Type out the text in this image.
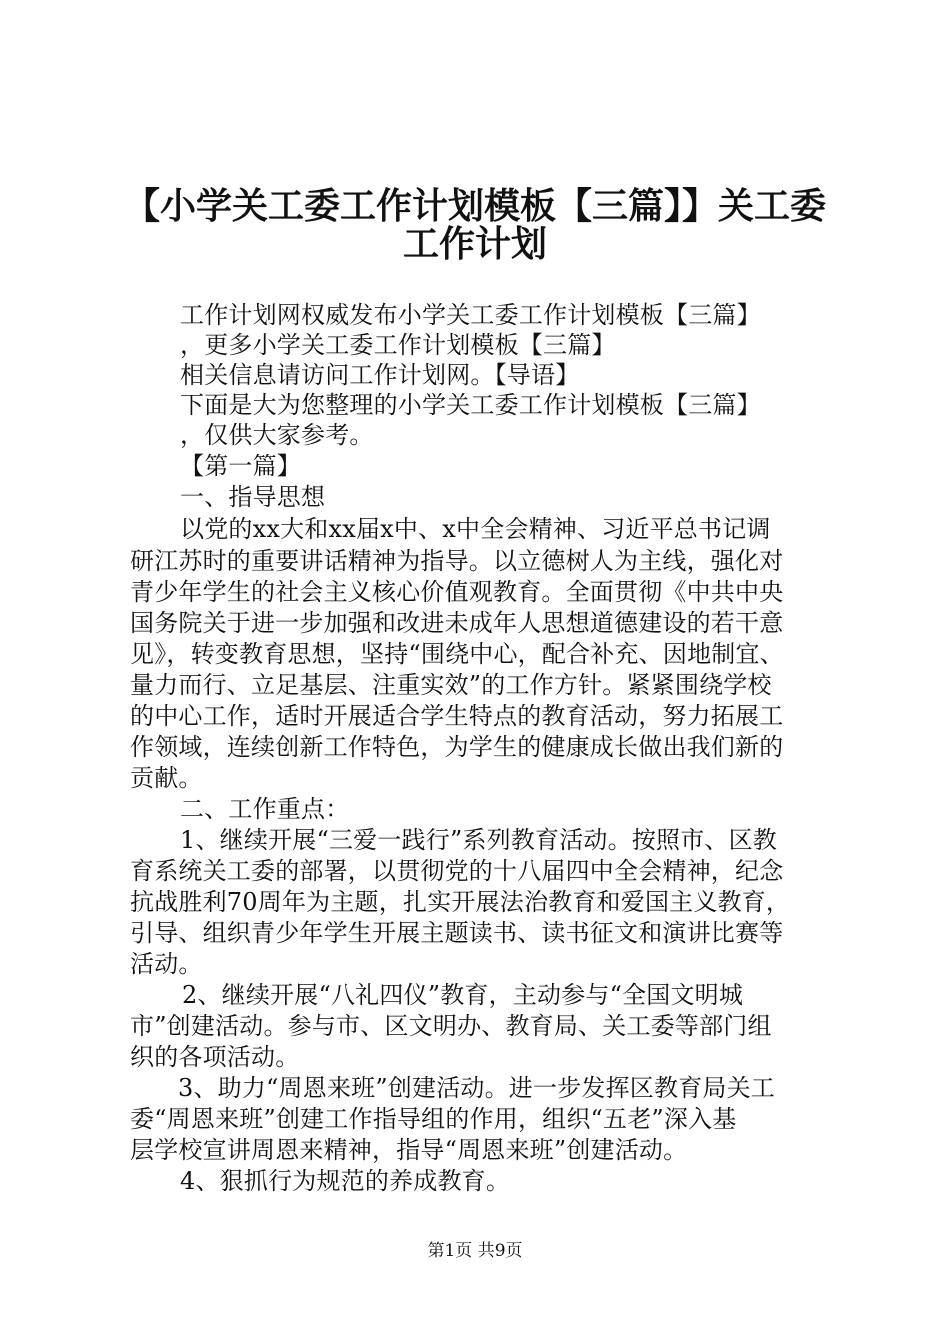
【小学关工委工作计划模板【三篇】】关工委
工作计划
工作计划网权威发布小学关工委工作计划模板【三篇】
，更多小学关工委工作计划模板【三篇】
相关信息请访问工作计划网。【导语】
下面是大为您整理的小学关工委工作计划模板【三篇】
，仅供大家参考。
【第一篇】
一、指导思想
以党的xx大和xx届x中、x中全会精神、习近平总书记调
研江苏时的重要讲话精神为指导。以立德树人为主线，强化对
青少年学生的社会主义核心价值观教育。全面贯彻《中共中央
国务院关于进一步加强和改进未成年人思想道德建设的若干意
见》，转变教育思想，坚持“围绕中心，配合补充、因地制宜、
量力而行、立足基层、注重实效”的工作方针。紧紧围绕学校
的中心工作，适时开展适合学生特点的教育活动，努力拓展工
作领域，连续创新工作特色，为学生的健康成长做出我们新的
贡献。
二、工作重点：
1、继续开展“三爱一践行”系列教育活动。按照市、区教
育系统关工委的部署，以贯彻党的十八届四中全会精神，纪念
抗战胜利70周年为主题，扎实开展法治教育和爱国主义教育，
引导、组织青少年学生开展主题读书、读书征文和演讲比赛等
活动。
2、继续开展“八礼四仪”教育，主动参与“全国文明城
市”创建活动。参与市、区文明办、教育局、关工委等部门组
织的各项活动。
3、助力“周恩来班”创建活动。进一步发挥区教育局关工
委“周恩来班”创建工作指导组的作用，组织“五老”深入基
层学校宣讲周恩来精神，指导“周恩来班”创建活动。
4、狠抓行为规范的养成教育。
第1页 共9页
